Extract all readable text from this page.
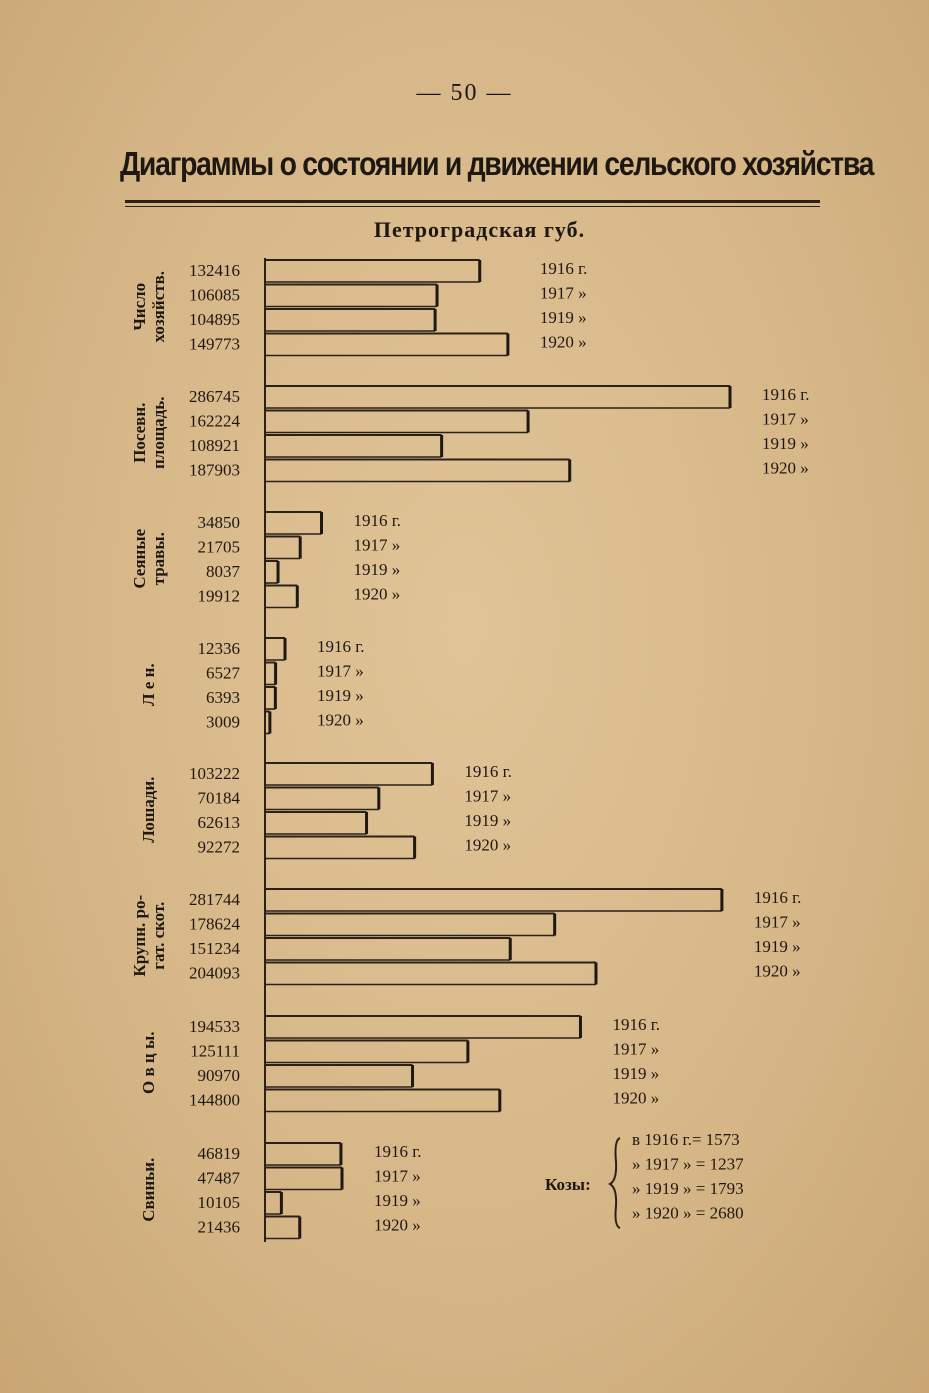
— 50 —
Диаграммы о состоянии и движении сельского хозяйства
Петроградская губ.
Числохозяйств.
132416	1916 г.
106085	1917 »
104895	1919 »
149773	1920 »
Посевн.площадь. 286745	1916 г.
162224	1917 »
108921	1919 »
187903	1920 »
Сеяныетравы.
34850	1916 г.
21705	1917 »
8037	1919 »
19912	1920 »
Л е н.
12336	1916 г.
6527	1917 »
6393	1919 »
3009	1920 »
Лошади.
103222	1916 г.
70184	1917 »
62613	1919 »
92272	1920 »
Крупн. ро-гат. скот.
281744	1916 г.
178624	1917 »
151234	1919 »
204093	1920 »
О в ц ы.
194533	1916 г.
125111	1917 »
90970	1919 »
144800	1920 »
Свиньи.
46819	1916 г.
47487	1917 »
10105	1919 »
21436	1920 »
Козы:
в 1916 г.= 1573
» 1917 » = 1237
» 1919 » = 1793
» 1920 » = 2680
